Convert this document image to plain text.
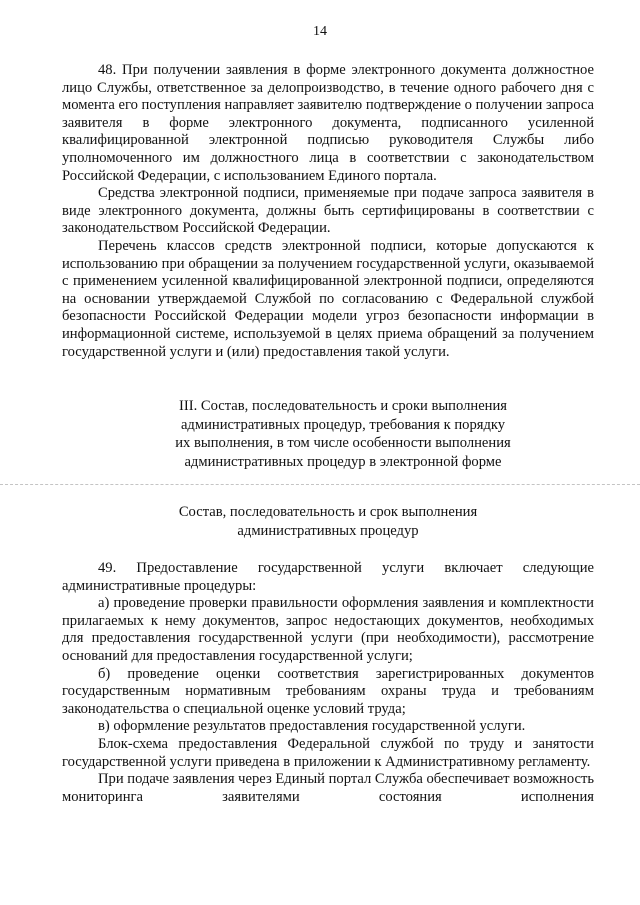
14

48. При получении заявления в форме электронного документа должностное лицо Службы, ответственное за делопроизводство, в течение одного рабочего дня с момента его поступления направляет заявителю подтверждение о получении запроса заявителя в форме электронного документа, подписанного усиленной квалифицированной электронной подписью руководителя Службы либо уполномоченного им должностного лица в соответствии с законодательством Российской Федерации, с использованием Единого портала.

Средства электронной подписи, применяемые при подаче запроса заявителя в виде электронного документа, должны быть сертифицированы в соответствии с законодательством Российской Федерации.

Перечень классов средств электронной подписи, которые допускаются к использованию при обращении за получением государственной услуги, оказываемой с применением усиленной квалифицированной электронной подписи, определяются на основании утверждаемой Службой по согласованию с Федеральной службой безопасности Российской Федерации модели угроз безопасности информации в информационной системе, используемой в целях приема обращений за получением государственной услуги и (или) предоставления такой услуги.

III. Состав, последовательность и сроки выполнения
административных процедур, требования к порядку
их выполнения, в том числе особенности выполнения
административных процедур в электронной форме
Состав, последовательность и срок выполнения
административных процедур

49. Предоставление государственной услуги включает следующие административные процедуры:

а) проведение проверки правильности оформления заявления и комплектности прилагаемых к нему документов, запрос недостающих документов, необходимых для предоставления государственной услуги (при необходимости), рассмотрение оснований для предоставления государственной услуги;

б) проведение оценки соответствия зарегистрированных документов государственным нормативным требованиям охраны труда и требованиям законодательства о специальной оценке условий труда;

в) оформление результатов предоставления государственной услуги.

Блок-схема предоставления Федеральной службой по труду и занятости государственной услуги приведена в приложении к Административному регламенту.

При подаче заявления через Единый портал Служба обеспечивает возможность мониторинга заявителями состояния исполнения
